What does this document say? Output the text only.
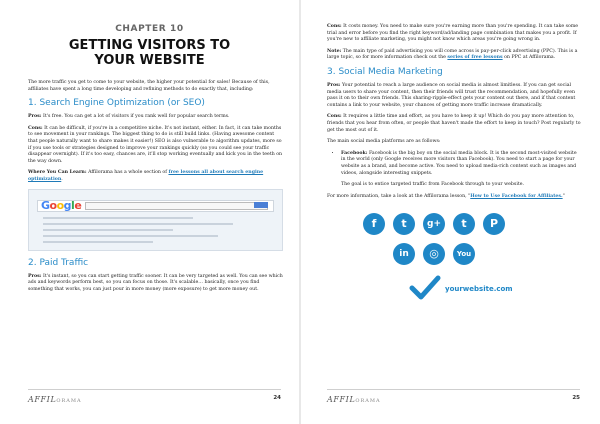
CHAPTER 10
GETTING VISITORS TO
YOUR WEBSITE

The more traffic you get to come to your website, the higher your potential for sales! Because of this, affiliates have spent a long time developing and refining methods to do exactly that, including:

1. Search Engine Optimization (or SEO)

Pros: It's free. You can get a lot of visitors if you rank well for popular search terms.

Cons: It can be difficult, if you're in a competitive niche. It's not instant, either. In fact, it can take months to see movement in your rankings. The biggest thing to do is still build links. (Having awesome content that people naturally want to share makes it easier!) SEO is also vulnerable to algorithm updates, more so if you use tools or strategies designed to improve your rankings quickly (so you could see your traffic disappear overnight). If it's too easy, chances are, it'll stop working eventually and kick you in the teeth on the way down.

Where You Can Learn: Affilorama has a whole section of free lessons all about search engine optimization.

Google
2. Paid Traffic

Pros: It's instant, so you can start getting traffic sooner. It can be very targeted as well. You can see which ads and keywords perform best, so you can focus on those. It's scalable… basically, once you find something that works, you can just pour in more money (more exposure) to get more money out.

AFFILORAMA	24

Cons: It costs money. You need to make sure you're earning more than you're spending. It can take some trial and error before you find the right keyword/ad/landing page combination that makes you a profit. If you're new to affiliate marketing, you might not know which areas you're going wrong in.

Note: The main type of paid advertising you will come across is pay-per-click advertising (PPC). This is a large topic, so for more information check out the series of free lessons on PPC at Affilorama.

3. Social Media Marketing

Pros: Your potential to reach a large audience on social media is almost limitless. If you can get social media users to share your content, then their friends will trust the recommendation, and hopefully even pass it on to their own friends. This sharing-ripple-effect gets your content out there, and if that content contains a link to your website, your chances of getting more traffic increase dramatically.

Cons: It requires a little time and effort, as you have to keep it up! Which do you pay more attention to, friends that you hear from often, or people that haven't made the effort to keep in touch? Post regularly to get the most out of it.

The main social media platforms are as follows:

• Facebook: Facebook is the big boy on the social media block. It is the second most-visited website in the world (only Google receives more visitors than Facebook). You need to start a page for your website as a brand, and become active. You need to upload media-rich content such as images and videos, alongside interesting snippets.

The goal is to entice targeted traffic from Facebook through to your website.

For more information, take a look at the Affilorama lesson, "How to Use Facebook for Affiliates."

f	t	g+	t	P
in	◎	You
yourwebsite.com
AFFILORAMA	25
